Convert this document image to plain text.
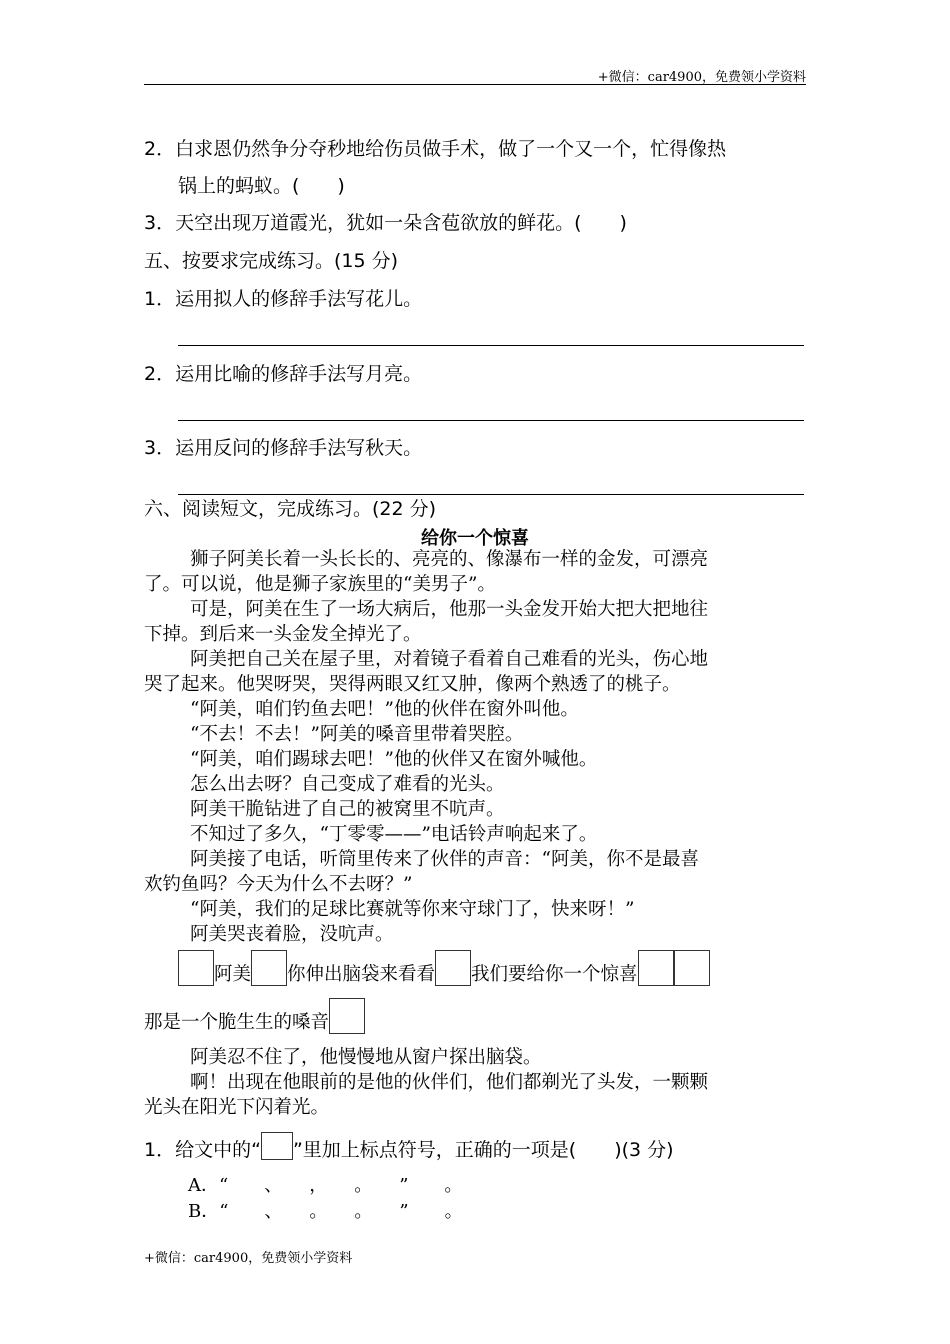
+微信：car4900，免费领小学资料
2．白求恩仍然争分夺秒地给伤员做手术，做了一个又一个，忙得像热
锅上的蚂蚁。(　　)
3．天空出现万道霞光，犹如一朵含苞欲放的鲜花。(　　)
五、按要求完成练习。(15 分)
1．运用拟人的修辞手法写花儿。
2．运用比喻的修辞手法写月亮。
3．运用反问的修辞手法写秋天。
六、阅读短文，完成练习。(22 分)
给你一个惊喜
狮子阿美长着一头长长的、亮亮的、像瀑布一样的金发，可漂亮
了。可以说，他是狮子家族里的“美男子”。
可是，阿美在生了一场大病后，他那一头金发开始大把大把地往
下掉。到后来一头金发全掉光了。
阿美把自己关在屋子里，对着镜子看着自己难看的光头，伤心地
哭了起来。他哭呀哭，哭得两眼又红又肿，像两个熟透了的桃子。
“阿美，咱们钓鱼去吧！”他的伙伴在窗外叫他。
“不去！不去！”阿美的嗓音里带着哭腔。
“阿美，咱们踢球去吧！”他的伙伴又在窗外喊他。
怎么出去呀？自己变成了难看的光头。
阿美干脆钻进了自己的被窝里不吭声。
不知过了多久，“丁零零——”电话铃声响起来了。
阿美接了电话，听筒里传来了伙伴的声音：“阿美，你不是最喜
欢钓鱼吗？今天为什么不去呀？”
“阿美，我们的足球比赛就等你来守球门了，快来呀！”
阿美哭丧着脸，没吭声。
阿美 你伸出脑袋来看看 我们要给你一个惊喜
那是一个脆生生的嗓音
阿美忍不住了，他慢慢地从窗户探出脑袋。
啊！出现在他眼前的是他的伙伴们，他们都剃光了头发，一颗颗
光头在阳光下闪着光。
1．给文中的“ ”里加上标点符号，正确的一项是(　　)(3 分)
A．“　　、　　，　　。　　”　　。
B．“　　、　　。　　。　　”　　。
+微信：car4900，免费领小学资料
